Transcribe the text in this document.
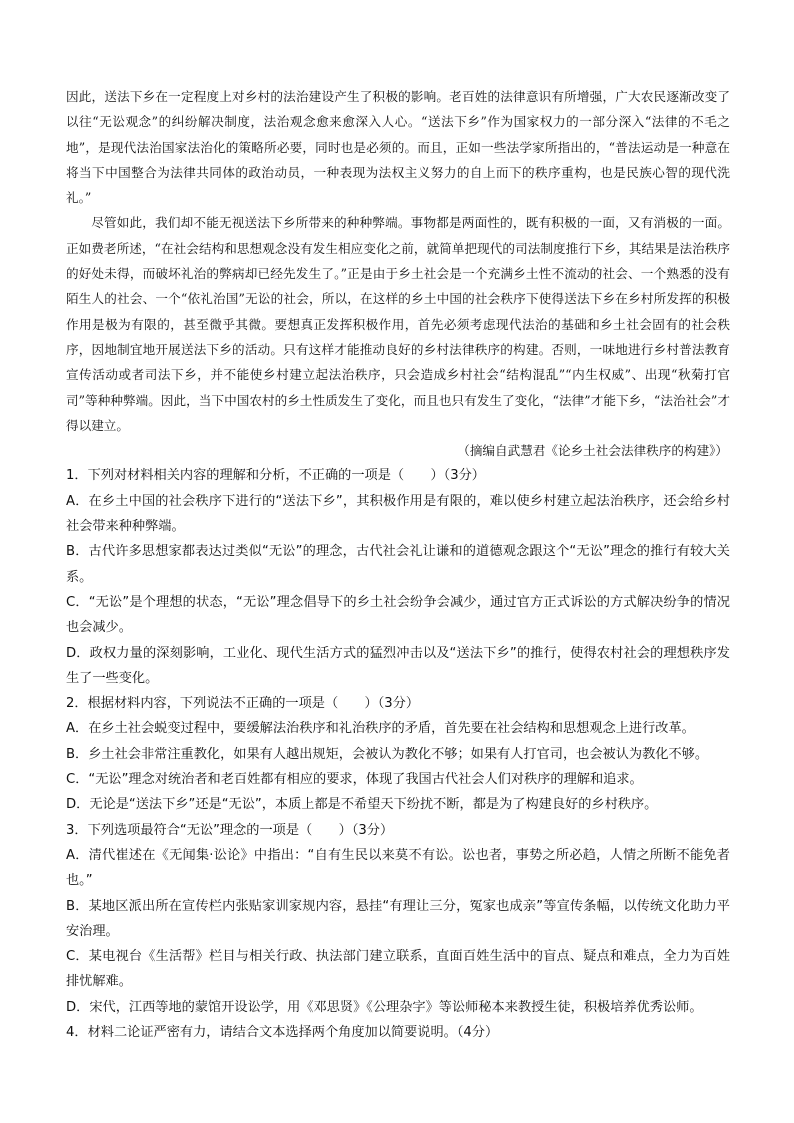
因此，送法下乡在一定程度上对乡村的法治建设产生了积极的影响。老百姓的法律意识有所增强，广大农民逐渐改变了以往“无讼观念”的纠纷解决制度，法治观念愈来愈深入人心。“送法下乡”作为国家权力的一部分深入“法律的不毛之地”，是现代法治国家法治化的策略所必要，同时也是必须的。而且，正如一些法学家所指出的，“普法运动是一种意在将当下中国整合为法律共同体的政治动员，一种表现为法权主义努力的自上而下的秩序重构，也是民族心智的现代洗礼。”

尽管如此，我们却不能无视送法下乡所带来的种种弊端。事物都是两面性的，既有积极的一面，又有消极的一面。正如费老所述，“在社会结构和思想观念没有发生相应变化之前，就简单把现代的司法制度推行下乡，其结果是法治秩序的好处未得，而破坏礼治的弊病却已经先发生了。”正是由于乡土社会是一个充满乡土性不流动的社会、一个熟悉的没有陌生人的社会、一个“依礼治国”无讼的社会，所以，在这样的乡土中国的社会秩序下使得送法下乡在乡村所发挥的积极作用是极为有限的，甚至微乎其微。要想真正发挥积极作用，首先必须考虑现代法治的基础和乡土社会固有的社会秩序，因地制宜地开展送法下乡的活动。只有这样才能推动良好的乡村法律秩序的构建。否则，一味地进行乡村普法教育宣传活动或者司法下乡，并不能使乡村建立起法治秩序，只会造成乡村社会“结构混乱”“内生权威”、出现“秋菊打官司”等种种弊端。因此，当下中国农村的乡土性质发生了变化，而且也只有发生了变化，“法律”才能下乡，“法治社会”才得以建立。

（摘编自武慧君《论乡土社会法律秩序的构建》）

1．下列对材料相关内容的理解和分析，不正确的一项是（　　）（3分）

A．在乡土中国的社会秩序下进行的“送法下乡”，其积极作用是有限的，难以使乡村建立起法治秩序，还会给乡村社会带来种种弊端。

B．古代许多思想家都表达过类似“无讼”的理念，古代社会礼让谦和的道德观念跟这个“无讼”理念的推行有较大关系。

C．“无讼”是个理想的状态，“无讼”理念倡导下的乡土社会纷争会减少，通过官方正式诉讼的方式解决纷争的情况也会减少。

D．政权力量的深刻影响，工业化、现代生活方式的猛烈冲击以及“送法下乡”的推行，使得农村社会的理想秩序发生了一些变化。

2．根据材料内容，下列说法不正确的一项是（　　）（3分）

A．在乡土社会蜕变过程中，要缓解法治秩序和礼治秩序的矛盾，首先要在社会结构和思想观念上进行改革。

B．乡土社会非常注重教化，如果有人越出规矩，会被认为教化不够；如果有人打官司，也会被认为教化不够。

C．“无讼”理念对统治者和老百姓都有相应的要求，体现了我国古代社会人们对秩序的理解和追求。

D．无论是“送法下乡”还是“无讼”，本质上都是不希望天下纷扰不断，都是为了构建良好的乡村秩序。

3．下列选项最符合“无讼”理念的一项是（　　）（3分）

A．清代崔述在《无闻集·讼论》中指出：“自有生民以来莫不有讼。讼也者，事势之所必趋，人情之所断不能免者也。”

B．某地区派出所在宣传栏内张贴家训家规内容，悬挂“有理让三分，冤家也成亲”等宣传条幅，以传统文化助力平安治理。

C．某电视台《生活帮》栏目与相关行政、执法部门建立联系，直面百姓生活中的盲点、疑点和难点，全力为百姓排忧解难。

D．宋代，江西等地的蒙馆开设讼学，用《邓思贤》《公理杂字》等讼师秘本来教授生徒，积极培养优秀讼师。

4．材料二论证严密有力，请结合文本选择两个角度加以简要说明。（4分）
